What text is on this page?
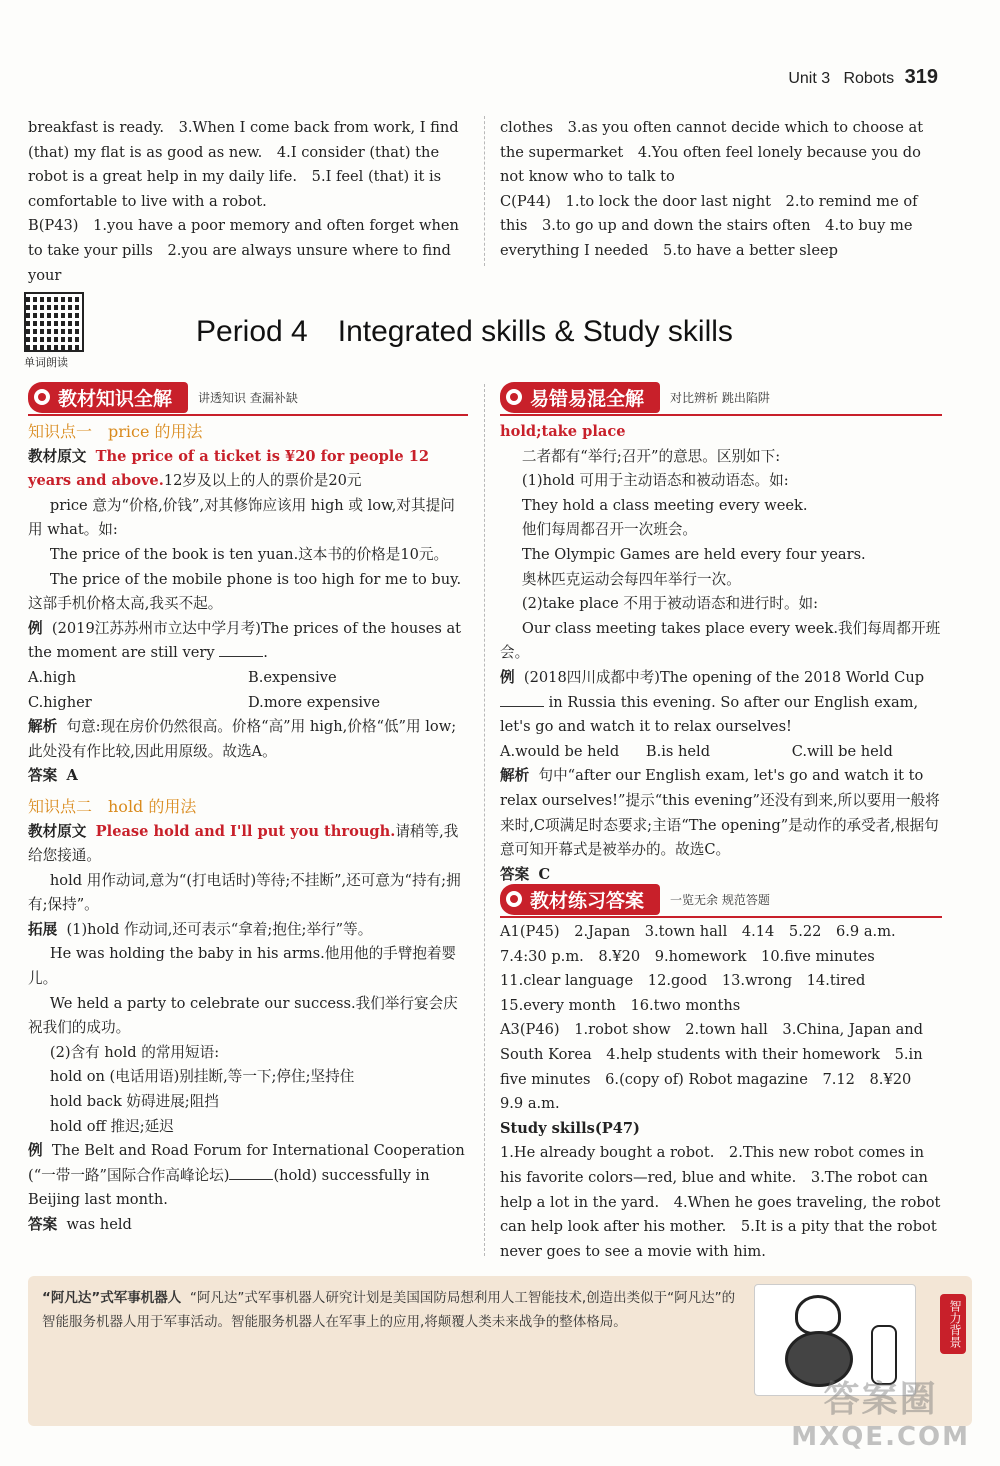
Unit 3 Robots 319

breakfast is ready.　3.When I come back from work, I find (that) my flat is as good as new.　4.I consider (that) the robot is a great help in my daily life.　5.I feel (that) it is comfortable to live with a robot.

B(P43)　1.you have a poor memory and often forget when to take your pills　2.you are always unsure where to find your

clothes　3.as you often cannot decide which to choose at the supermarket　4.You often feel lonely because you do not know who to talk to

C(P44)　1.to lock the door last night　2.to remind me of this　3.to go up and down the stairs often　4.to buy me everything I needed　5.to have a better sleep

单词朗读
Period 4　Integrated skills & Study skills
教材知识全解	讲透知识 查漏补缺	易错易混全解	对比辨析 跳出陷阱

知识点一　price 的用法

教材原文 The price of a ticket is ¥20 for people 12 years and above.12岁及以上的人的票价是20元

price 意为“价格,价钱”,对其修饰应该用 high 或 low,对其提问用 what。如:

The price of the book is ten yuan.这本书的价格是10元。

The price of the mobile phone is too high for me to buy.这部手机价格太高,我买不起。

例 (2019江苏苏州市立达中学月考)The prices of the houses at the moment are still very	.

A.high	B.expensive

C.higher	D.more expensive

解析 句意:现在房价仍然很高。价格“高”用 high,价格“低”用 low;此处没有作比较,因此用原级。故选A。

答案 A

知识点二　hold 的用法

教材原文 Please hold and I'll put you through.请稍等,我给您接通。

hold 用作动词,意为“(打电话时)等待;不挂断”,还可意为“持有;拥有;保持”。

拓展 (1)hold 作动词,还可表示“拿着;抱住;举行”等。

He was holding the baby in his arms.他用他的手臂抱着婴儿。

We held a party to celebrate our success.我们举行宴会庆祝我们的成功。

(2)含有 hold 的常用短语:

hold on (电话用语)别挂断,等一下;停住;坚持住

hold back 妨碍进展;阻挡

hold off 推迟;延迟

例 The Belt and Road Forum for International Cooperation (“一带一路”国际合作高峰论坛)	(hold) successfully in Beijing last month.

答案 was held

hold;take place

二者都有“举行;召开”的意思。区别如下:

(1)hold 可用于主动语态和被动语态。如:

They hold a class meeting every week.

他们每周都召开一次班会。

The Olympic Games are held every four years.

奥林匹克运动会每四年举行一次。

(2)take place 不用于被动语态和进行时。如:

Our class meeting takes place every week.我们每周都开班会。

例 (2018四川成都中考)The opening of the 2018 World Cup  in Russia this evening. So after our English exam, let's go and watch it to relax ourselves!

A.would be held	B.is held	C.will be held

解析 句中“after our English exam, let's go and watch it to relax ourselves!”提示“this evening”还没有到来,所以要用一般将来时,C项满足时态要求;主语“The opening”是动作的承受者,根据句意可知开幕式是被举办的。故选C。

答案 C

教材练习答案	一览无余 规范答题

A1(P45)　2.Japan　3.town hall　4.14　5.22　6.9 a.m.　7.4:30 p.m.　8.¥20　9.homework　10.five minutes　11.clear language　12.good　13.wrong　14.tired　15.every month　16.two months

A3(P46)　1.robot show　2.town hall　3.China, Japan and South Korea　4.help students with their homework　5.in five minutes　6.(copy of) Robot magazine　7.12　8.¥20　9.9 a.m.

Study skills(P47)

1.He already bought a robot.　2.This new robot comes in his favorite colors—red, blue and white.　3.The robot can help a lot in the yard.　4.When he goes traveling, the robot can help look after his mother.　5.It is a pity that the robot never goes to see a movie with him.

“阿凡达”式军事机器人 “阿凡达”式军事机器人研究计划是美国国防局想利用人工智能技术,创造出类似于“阿凡达”的智能服务机器人用于军事活动。智能服务机器人在军事上的应用,将颠覆人类未来战争的整体格局。	智力背景
答案圈
MXQE.COM
